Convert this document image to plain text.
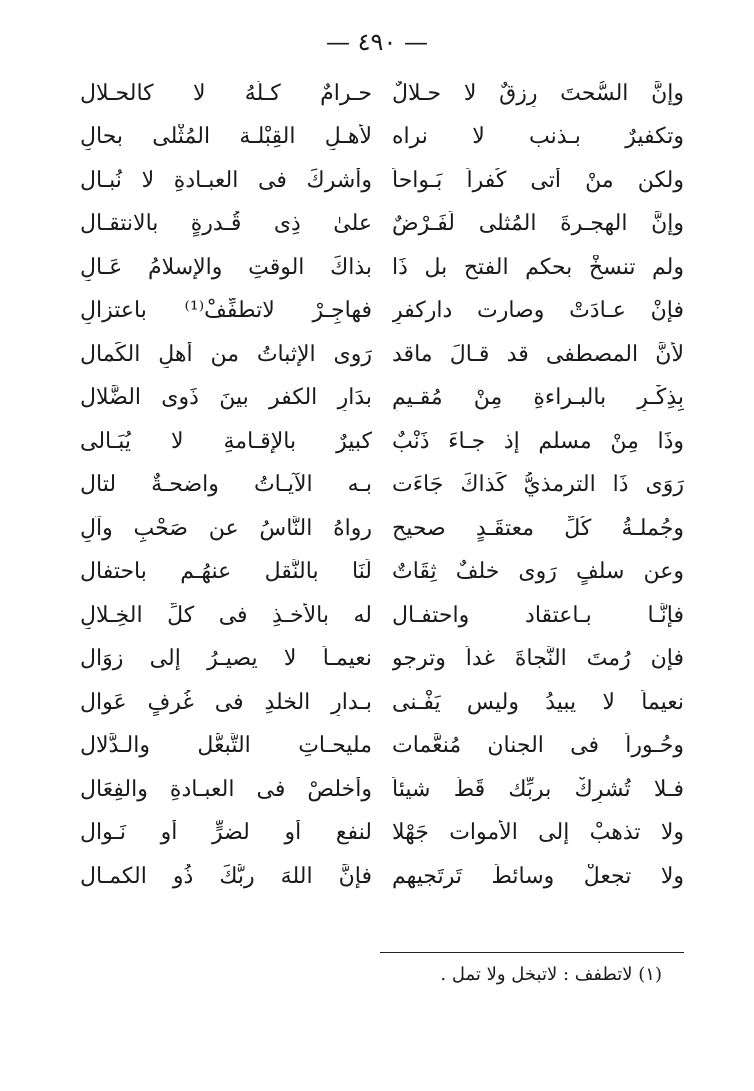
— ٤٩٠ —
وإنَّ السُّحتَ رِزقٌ لا حـلالٌ
حـرامٌ كـلُّهُ لا كالحـلال
وتكفيرٌ بـذنب لا نراه
لأهـلِ القِبْلـة المُثْلى بحالِ
ولكن منْ أتى كُفراً بَـواحاً
وأشركَ فى العبـادةِ لا نُبـال
وإنَّ الهجـرةَ المُثلى لَفَـرْضٌ
علىٰ ذِى قُـدرةٍ بالانتقـال
ولم تنسخْ بحكمٍ الفتح بل ذَا
بذاكَ الوقتِ والإسلامُ عَـالِ
فإنْ عـادَتْ وصارت داركفرٍ
فهاجِـرْ لاتطفِّفْ⁽¹⁾ باعتزالِ
لأنَّ المصطفى قد قـالَ ماقد
رَوى الإثباتُ من أهلِ الكَمال
بِذِكْـرِ بالبـراءةِ مِنْ مُقـيمٍ
بدَارِ الكفر بينَ ذَوى الضَّلال
وذَا مِنْ مسلمٍ إذ جـاءَ ذَنْبٌ
كبيرٌ بالإقـامةِ لا يُبَـالى
رَوَى ذَا الترمذيُّ كَذاكَ جَاءَت
بـه الآيـاتُ واضحـةٌ لتال
وجُملـةُ كُلِّ معتقَـدٍ صحيحٍ
رواهُ النَّاسُ عن صَحْبٍ وآلٍ
وعن سلفٍ رَوى خلفٌ ثِقَاتٌ
لَنَا بالنَّقل عنهُـم باحتفال
فإنَّـا بـاعتقاد واحتفـال
له بالأخـذِ فى كلِّ الخِـلالِ
فإن رُمتَ النَّجاةَ غداً وترجو
نعيمـاً لا يصيـرُ إلى زوَال
نعيماً لا يبيدُ وليس يَفْـنى
بـدارِ الخلدِ فى غُرفٍ عَوال
وحُـوراً فى الجنان مُنعَّمات
مليحـاتِ التَّبعُّل والـدَّلال
فـلا تُشرِكْ بربِّك قَطُّ شيئاً
وأخلصْ فى العبـادةِ والفِعَال
ولا تذهبْ إلى الأموات جَهْلا
لنفعٍ أو لضرٍّ أو نَـوال
ولا تجعلْ وسائطَ تَرتَجيهم
فإنَّ اللهَ ربُّكَ ذُو الكمـال
(١) لاتطفف : لاتبخل ولا تمل .
